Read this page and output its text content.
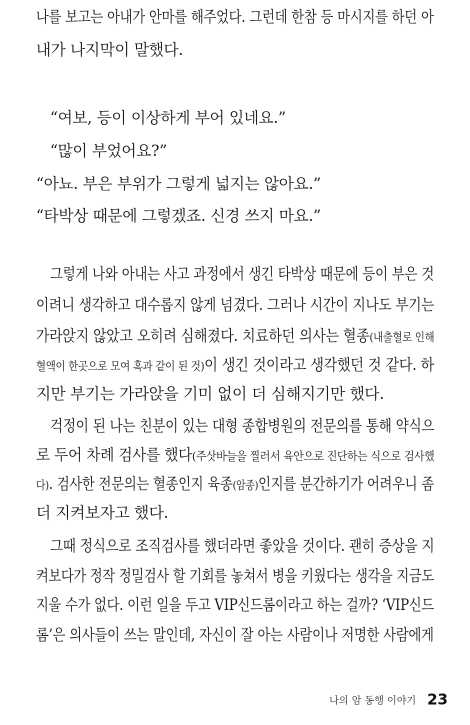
나를 보고는 아내가 안마를 해주었다. 그런데 한참 등 마시지를 하던 아
내가 나지막이 말했다.
“여보, 등이 이상하게 부어 있네요.”
“많이 부었어요?”
“아뇨. 부은 부위가 그렇게 넓지는 않아요.”
“타박상 때문에 그렇겠죠. 신경 쓰지 마요.”
그렇게 나와 아내는 사고 과정에서 생긴 타박상 때문에 등이 부은 것
이려니 생각하고 대수롭지 않게 넘겼다. 그러나 시간이 지나도 부기는
가라앉지 않았고 오히려 심해졌다. 치료하던 의사는 혈종(내출혈로 인해
혈액이 한곳으로 모여 혹과 같이 된 것)이 생긴 것이라고 생각했던 것 같다. 하
지만 부기는 가라앉을 기미 없이 더 심해지기만 했다.
걱정이 된 나는 친분이 있는 대형 종합병원의 전문의를 통해 약식으
로 두어 차례 검사를 했다(주삿바늘을 찔러서 육안으로 진단하는 식으로 검사했
다). 검사한 전문의는 혈종인지 육종(암종)인지를 분간하기가 어려우니 좀
더 지켜보자고 했다.
그때 정식으로 조직검사를 했더라면 좋았을 것이다. 괜히 증상을 지
켜보다가 정작 정밀검사 할 기회를 놓쳐서 병을 키웠다는 생각을 지금도
지울 수가 없다. 이런 일을 두고 VIP신드롬이라고 하는 걸까? ‘VIP신드
롬’은 의사들이 쓰는 말인데, 자신이 잘 아는 사람이나 저명한 사람에게
나의 암 동행 이야기 23
